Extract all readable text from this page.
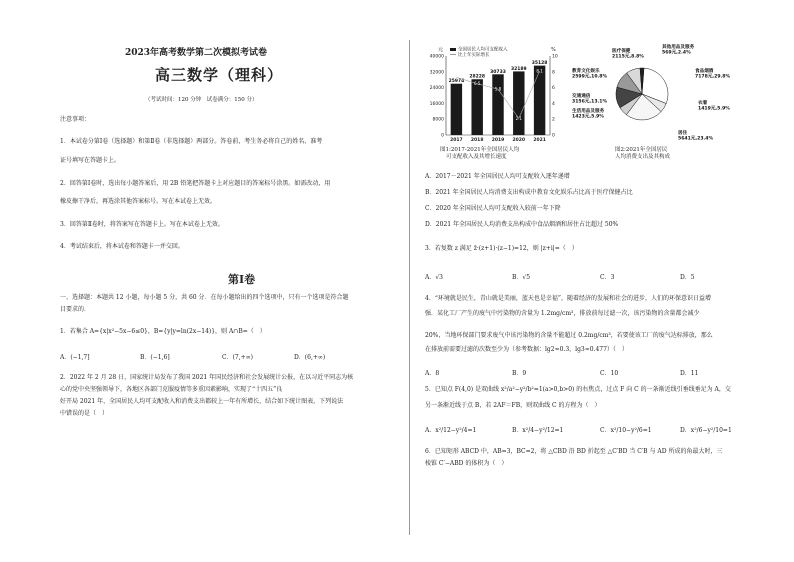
2023年高考数学第二次模拟考试卷
高三数学（理科）
（考试时间：120 分钟　试卷满分：150 分）
注意事项：
1．本试卷分第Ⅰ卷（选择题）和第Ⅱ卷（非选择题）两部分。答卷前，考生务必将自己的姓名、准考
证号填写在答题卡上。
2．回答第Ⅰ卷时，选出每小题答案后，用 2B 铅笔把答题卡上对应题目的答案标号涂黑。如需改动，用
橡皮擦干净后，再选涂其他答案标号。写在本试卷上无效。
3．回答第Ⅱ卷时，将答案写在答题卡上。写在本试卷上无效。
4．考试结束后，将本试卷和答题卡一并交回。
第Ⅰ卷
一、选择题：本题共 12 小题，每小题 5 分，共 60 分．在每小题给出的四个选项中，只有一个选项是符合题
目要求的．
1．若集合 A={x|x²−5x−6≤0}，B={y|y=ln(2x−14)}，则 A∩B=（　）
A．(−1,7]	B．(−1,6]	C．(7,+∞)	D．(6,+∞)
2．2022 年 2 月 28 日，国家统计局发布了我国 2021 年国民经济和社会发展统计公报，在以习近平同志为核
心的党中央坚强领导下，各地区各部门克服疫情等多重因素影响，实现了“十四五”良
好开局 2021 年，全国居民人均可支配收入和消费支出都较上一年有所增长，结合如下统计图表，下列说法
中错误的是（　）
0
8000
16000
24000
32000
40000
0
2
4
6
8
10
元	%
25974
2017
7.3 28228
2018
6.5
30733
2019
5.8
32189
2020
2.1
35128
2021
8.1
全国居民人均可支配收入
比上年实际增长
图1:2017-2021年全国居民人均
可支配收入及其增长速度
食品烟酒
7178元,29.8%
衣着
1419元,5.9%
居住
5641元,23.4%
生活用品及服务
1423元,5.9%
交通通信
3156元,13.1%
教育文化娱乐
2599元,10.8%
医疗保健
2115元,8.8%
其他用品及服务
569元,2.4%
图2:2021年全国居民
人均消费支出及其构成
A．2017－2021 年全国居民人均可支配收入逐年递增
B．2021 年全国居民人均消费支出构成中教育文化娱乐占比高于医疗保健占比
C．2020 年全国居民人均可支配收入较前一年下降
D．2021 年全国居民人均消费支出构成中食品烟酒和居住占比超过 50%
3．若复数 z 满足 z̄·(z+1)·(z−1)=12，则 |z+i|=（　）
A．√3	B．√5	C．3	D．5
4．“环境就是民生，青山就是美丽，蓝天也是幸福”，随着经济的发展和社会的进步，人们的环保意识日益增
强．某化工厂产生的废气中污染物的含量为 1.2mg/cm³，排放前每过滤一次，该污染物的含量都会减少
20%，当地环保部门要求废气中该污染物的含量不能超过 0.2mg/cm³，若要使该工厂的废气达标排放，那么
在排放前需要过滤的次数至少为（参考数据：lg2≈0.3，lg3≈0.477）（　）
A．8	B．9	C．10	D．11
5．已知点 F(4,0) 是双曲线 x²/a²−y²/b²=1(a>0,b>0) 的右焦点，过点 F 向 C 的一条渐近线引垂线垂足为 A，交
另一条渐近线于点 B，若 2AF＝FB，则双曲线 C 的方程为（　）
A．x²/12−y²/4=1	B．x²/4−y²/12=1	C．x²/10−y²/6=1	D．x²/6−y²/10=1
6．已知矩形 ABCD 中，AB=3，BC=2，将 △CBD 沿 BD 折起至 △C′BD 当 C′B 与 AD 所成的角最大时，三
棱锥 C′−ABD 的体积为（　）
